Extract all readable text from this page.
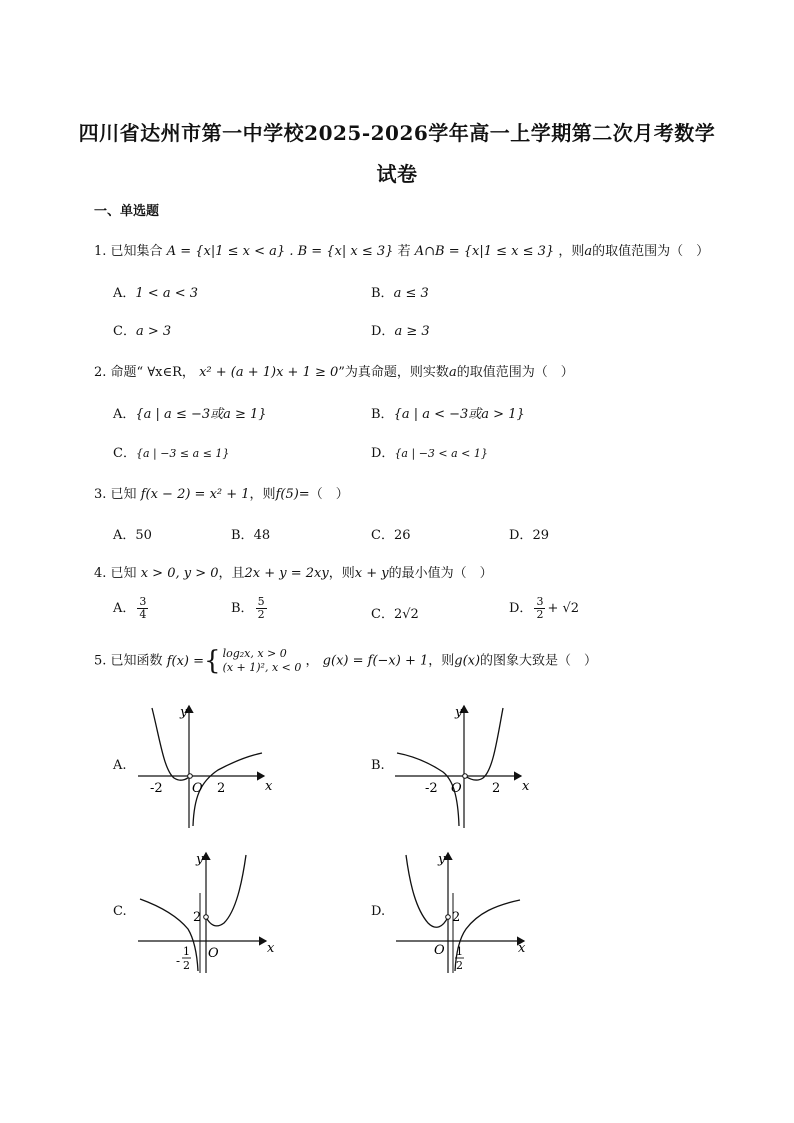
四川省达州市第一中学校2025-2026学年高一上学期第二次月考数学
试卷
一、单选题
1. 已知集合 A = {x|1 ≤ x < a} . B = {x| x ≤ 3} 若 A∩B = {x|1 ≤ x ≤ 3} ，则a的取值范围为（　）
A．1 < a < 3	B．a ≤ 3
C．a > 3	D．a ≥ 3
2. 命题“ ∀x∈R， x² + (a + 1)x + 1 ≥ 0”为真命题，则实数a的取值范围为（　）
A．{a | a ≤ −3或a ≥ 1}	B．{a | a < −3或a > 1}
C．{a | −3 ≤ a ≤ 1}	D．{a | −3 < a < 1}
3. 已知 f(x − 2) = x² + 1，则f(5)=（　）
A．50	B．48	C．26	D．29
4. 已知 x > 0, y > 0，且2x + y = 2xy，则x + y的最小值为（　）
A． $\frac{3}{4}$	B． $\frac{5}{2}$	C．2√2	D． $\frac{3}{2} + √2$
5. 已知函数 f(x) = { log₂x, x > 0
(x + 1)², x < 0 ， g(x) = f(−x) + 1，则g(x)的图象大致是（　）
A.	B.
C.	D.
-2 O 2	x
y
-2 O 2 x
y
2
O
-
1
2
x
y
2
O 1
2
x
y
